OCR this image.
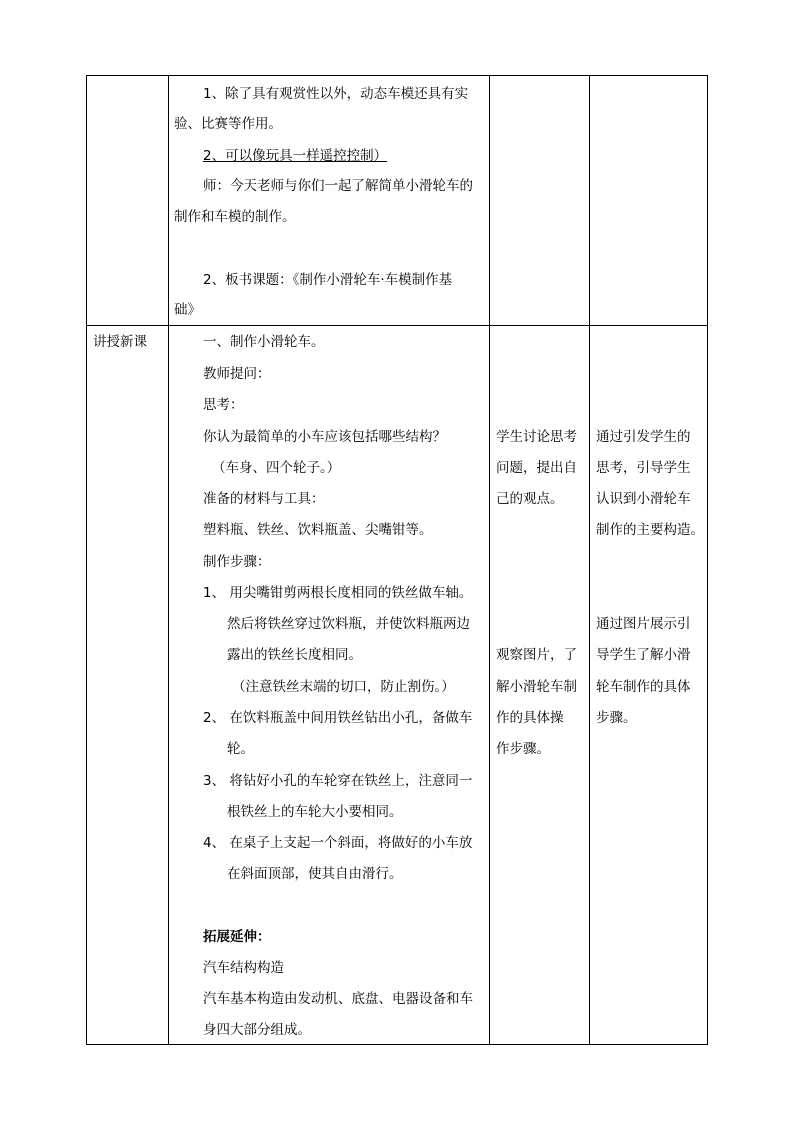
1、除了具有观赏性以外，动态车模还具有实
验、比赛等作用。
2、可以像玩具一样遥控控制）
师：今天老师与你们一起了解简单小滑轮车的
制作和车模的制作。
2、板书课题：《制作小滑轮车·车模制作基
础》
讲授新课	一、制作小滑轮车。
教师提问：
思考：
你认为最简单的小车应该包括哪些结构？
（车身、四个轮子。）
准备的材料与工具：
塑料瓶、铁丝、饮料瓶盖、尖嘴钳等。
制作步骤：
1、 用尖嘴钳剪两根长度相同的铁丝做车轴。
然后将铁丝穿过饮料瓶，并使饮料瓶两边
露出的铁丝长度相同。
（注意铁丝末端的切口，防止割伤。）
2、 在饮料瓶盖中间用铁丝钻出小孔，备做车
轮。
3、 将钻好小孔的车轮穿在铁丝上，注意同一
根铁丝上的车轮大小要相同。
4、 在桌子上支起一个斜面，将做好的小车放
在斜面顶部，使其自由滑行。
拓展延伸：
汽车结构构造
汽车基本构造由发动机、底盘、电器设备和车
身四大部分组成。
学生讨论思考
问题，提出自
己的观点。
观察图片，了
解小滑轮车制
作的具体操
作步骤。
通过引发学生的
思考，引导学生
认识到小滑轮车
制作的主要构造。
通过图片展示引
导学生了解小滑
轮车制作的具体
步骤。
